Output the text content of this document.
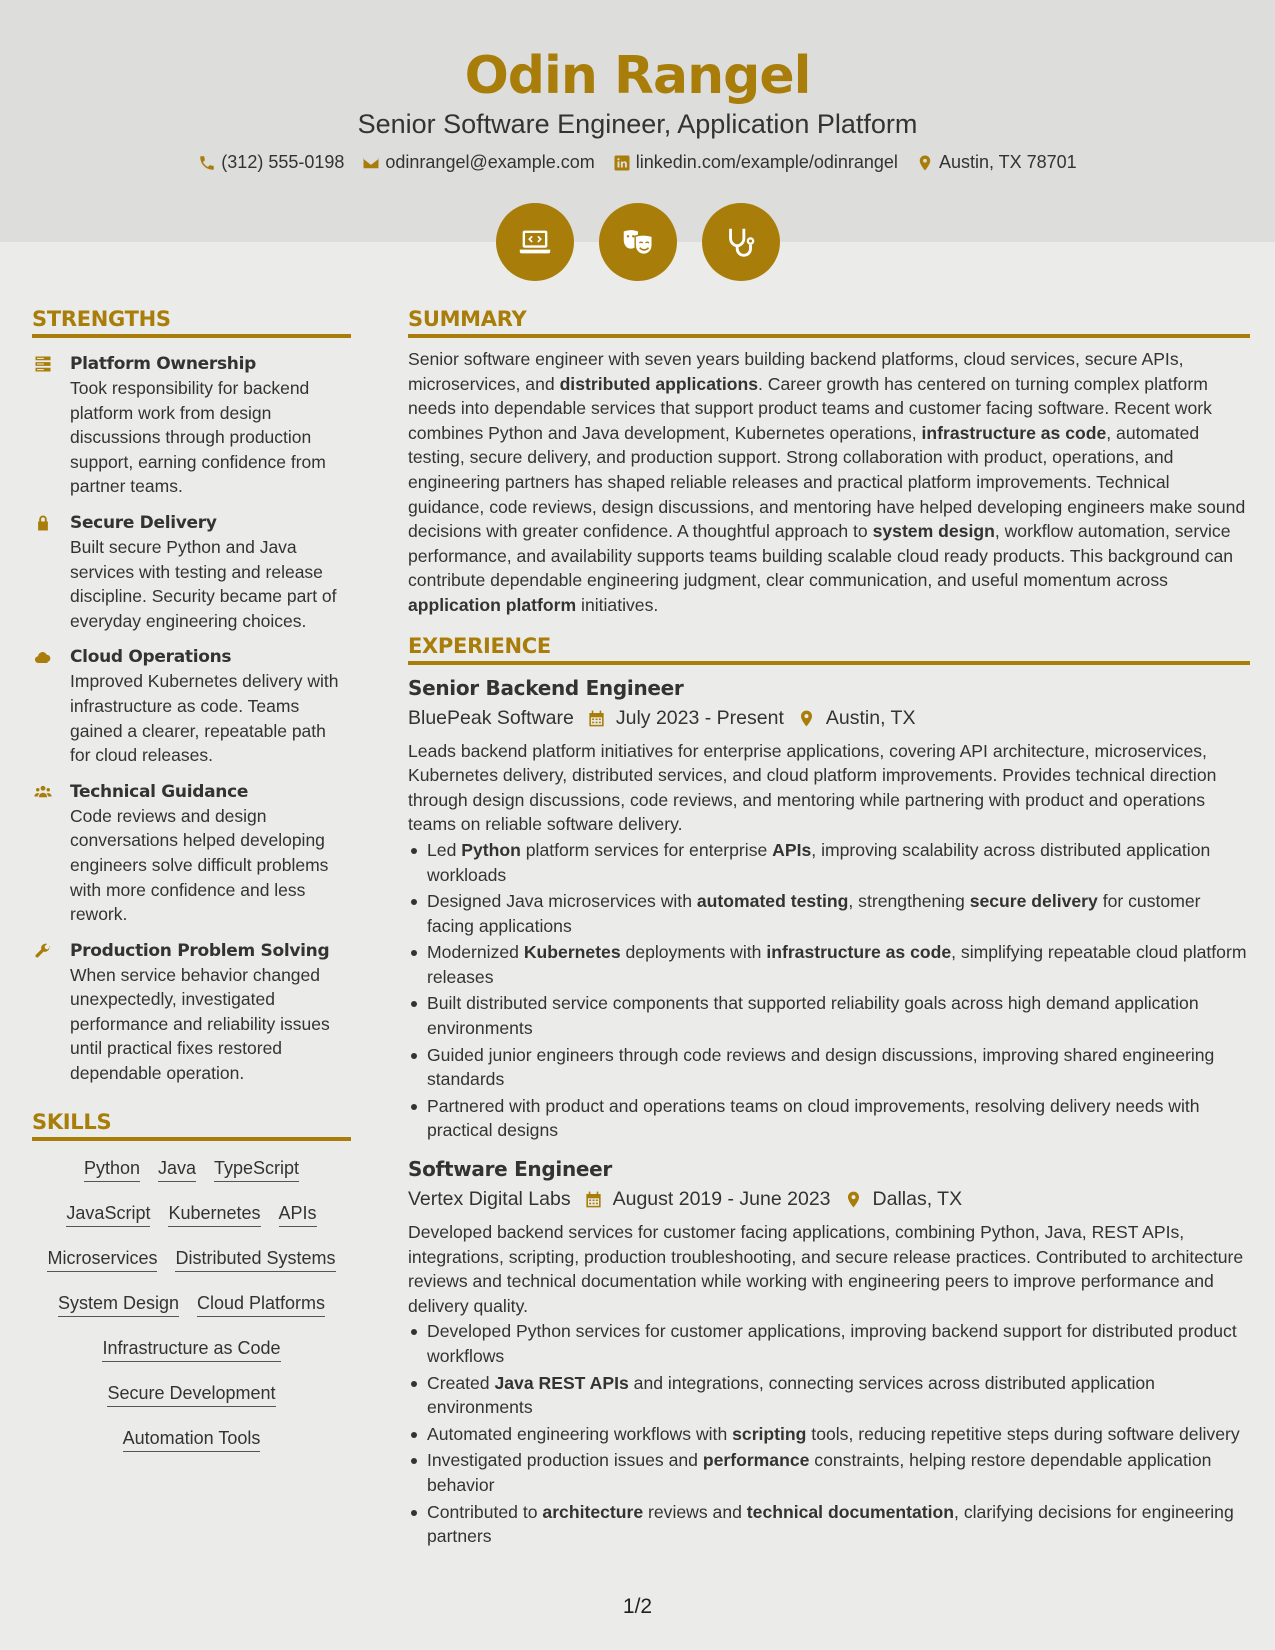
Odin Rangel
Senior Software Engineer, Application Platform
(312) 555-0198 odinrangel@example.com linkedin.com/example/odinrangel Austin, TX 78701
STRENGTHS
Platform Ownership
Took responsibility for backend platform work from design discussions through production support, earning confidence from partner teams.
Secure Delivery
Built secure Python and Java services with testing and release discipline. Security became part of everyday engineering choices.
Cloud Operations
Improved Kubernetes delivery with infrastructure as code. Teams gained a clearer, repeatable path for cloud releases.
Technical Guidance
Code reviews and design conversations helped developing engineers solve difficult problems with more confidence and less rework.
Production Problem Solving
When service behavior changed unexpectedly, investigated performance and reliability issues until practical fixes restored dependable operation.
SKILLS
Python Java TypeScript
JavaScript Kubernetes APIs
Microservices Distributed Systems
System Design Cloud Platforms
Infrastructure as Code
Secure Development
Automation Tools
SUMMARY

Senior software engineer with seven years building backend platforms, cloud services, secure APIs, microservices, and distributed applications. Career growth has centered on turning complex platform needs into dependable services that support product teams and customer facing software. Recent work combines Python and Java development, Kubernetes operations, infrastructure as code, automated testing, secure delivery, and production support. Strong collaboration with product, operations, and engineering partners has shaped reliable releases and practical platform improvements. Technical guidance, code reviews, design discussions, and mentoring have helped developing engineers make sound decisions with greater confidence. A thoughtful approach to system design, workflow automation, service performance, and availability supports teams building scalable cloud ready products. This background can contribute dependable engineering judgment, clear communication, and useful momentum across application platform initiatives.

EXPERIENCE
Senior Backend Engineer
BluePeak Software July 2023 - Present Austin, TX

Leads backend platform initiatives for enterprise applications, covering API architecture, microservices, Kubernetes delivery, distributed services, and cloud platform improvements. Provides technical direction through design discussions, code reviews, and mentoring while partnering with product and operations teams on reliable software delivery.

Led Python platform services for enterprise APIs, improving scalability across distributed application workloads
Designed Java microservices with automated testing, strengthening secure delivery for customer facing applications
Modernized Kubernetes deployments with infrastructure as code, simplifying repeatable cloud platform releases
Built distributed service components that supported reliability goals across high demand application environments
Guided junior engineers through code reviews and design discussions, improving shared engineering standards
Partnered with product and operations teams on cloud improvements, resolving delivery needs with practical designs
Software Engineer
Vertex Digital Labs August 2019 - June 2023 Dallas, TX

Developed backend services for customer facing applications, combining Python, Java, REST APIs, integrations, scripting, production troubleshooting, and secure release practices. Contributed to architecture reviews and technical documentation while working with engineering peers to improve performance and delivery quality.

Developed Python services for customer applications, improving backend support for distributed product workflows
Created Java REST APIs and integrations, connecting services across distributed application environments
Automated engineering workflows with scripting tools, reducing repetitive steps during software delivery
Investigated production issues and performance constraints, helping restore dependable application behavior
Contributed to architecture reviews and technical documentation, clarifying decisions for engineering partners
1/2
